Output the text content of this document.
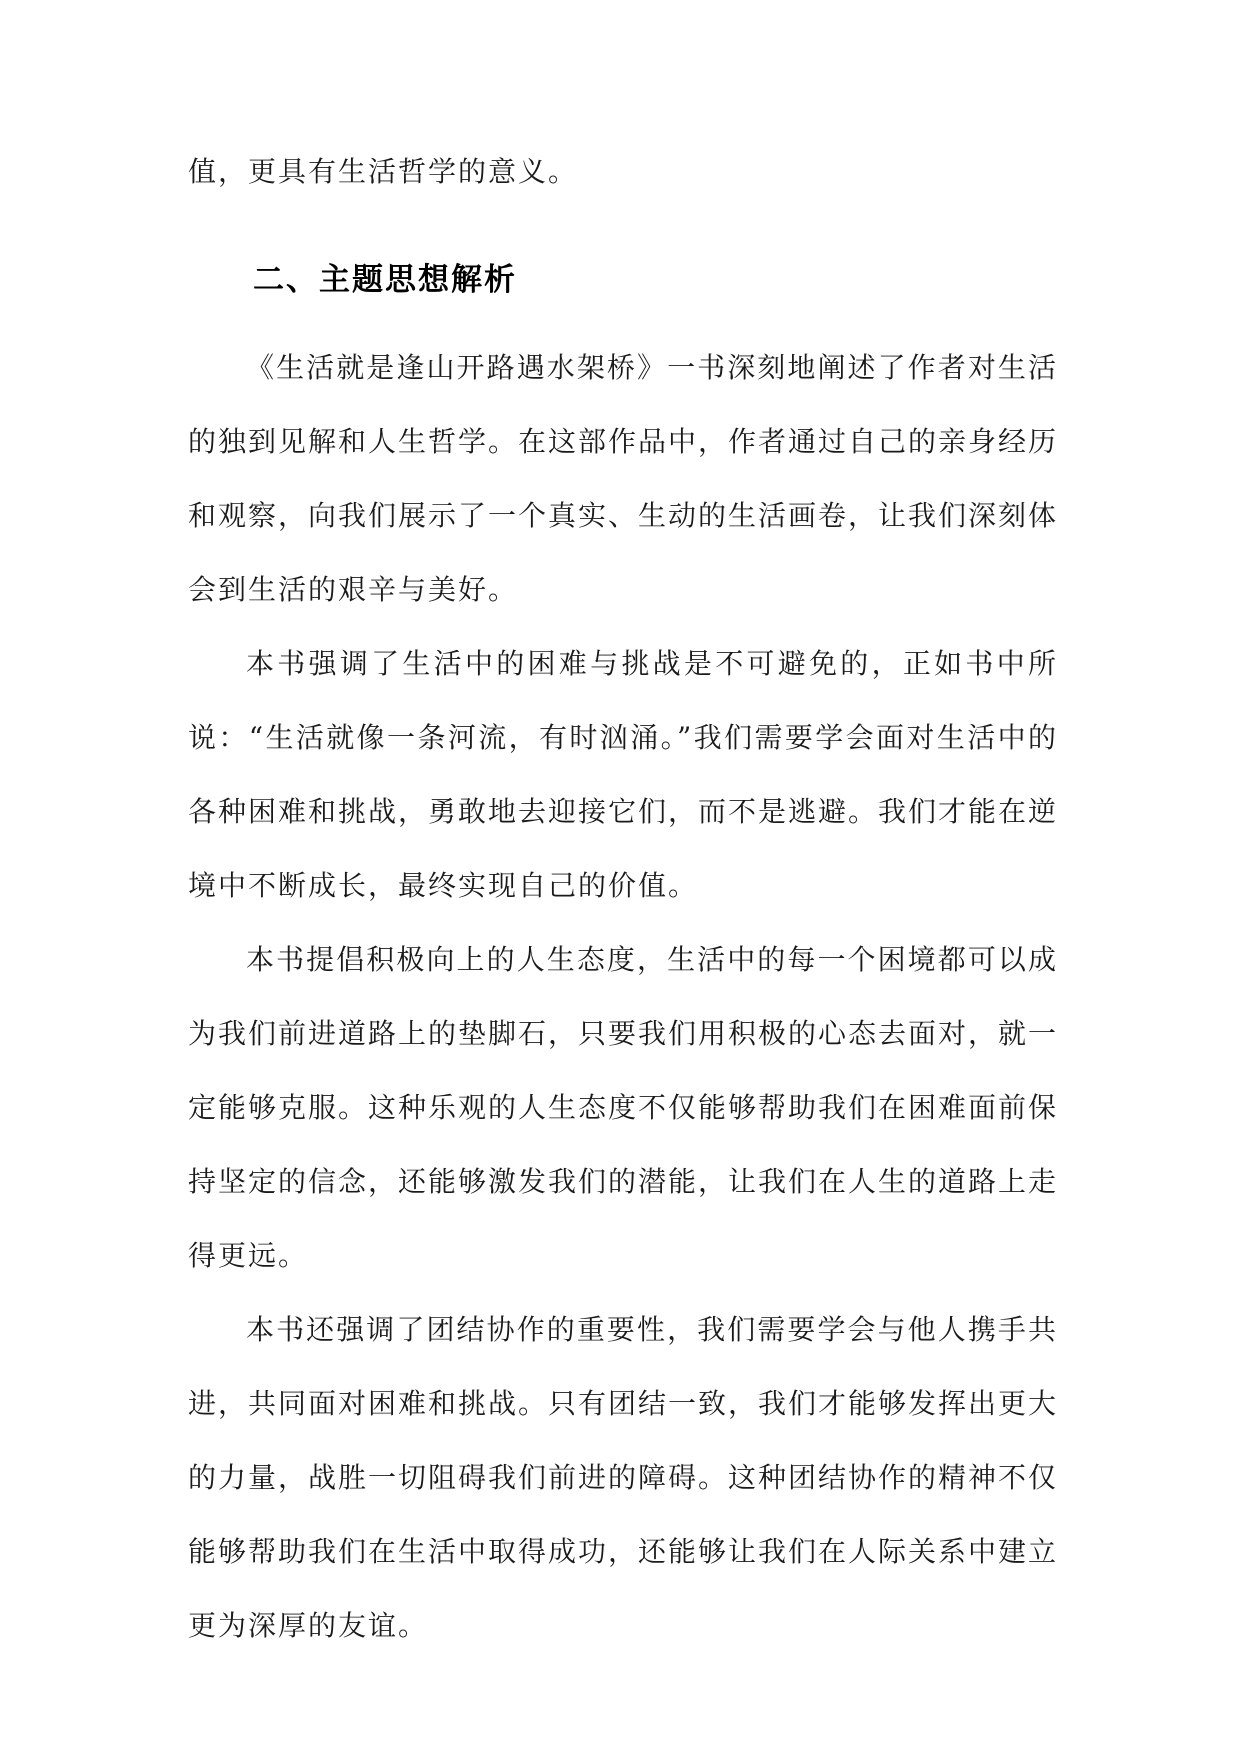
值，更具有生活哲学的意义。
二、主题思想解析

《生活就是逢山开路遇水架桥》一书深刻地阐述了作者对生活的独到见解和人生哲学。在这部作品中，作者通过自己的亲身经历和观察，向我们展示了一个真实、生动的生活画卷，让我们深刻体会到生活的艰辛与美好。

本书强调了生活中的困难与挑战是不可避免的，正如书中所说：“生活就像一条河流，有时汹涌。”我们需要学会面对生活中的各种困难和挑战，勇敢地去迎接它们，而不是逃避。我们才能在逆境中不断成长，最终实现自己的价值。

本书提倡积极向上的人生态度，生活中的每一个困境都可以成为我们前进道路上的垫脚石，只要我们用积极的心态去面对，就一定能够克服。这种乐观的人生态度不仅能够帮助我们在困难面前保持坚定的信念，还能够激发我们的潜能，让我们在人生的道路上走得更远。

本书还强调了团结协作的重要性，我们需要学会与他人携手共进，共同面对困难和挑战。只有团结一致，我们才能够发挥出更大的力量，战胜一切阻碍我们前进的障碍。这种团结协作的精神不仅能够帮助我们在生活中取得成功，还能够让我们在人际关系中建立更为深厚的友谊。
